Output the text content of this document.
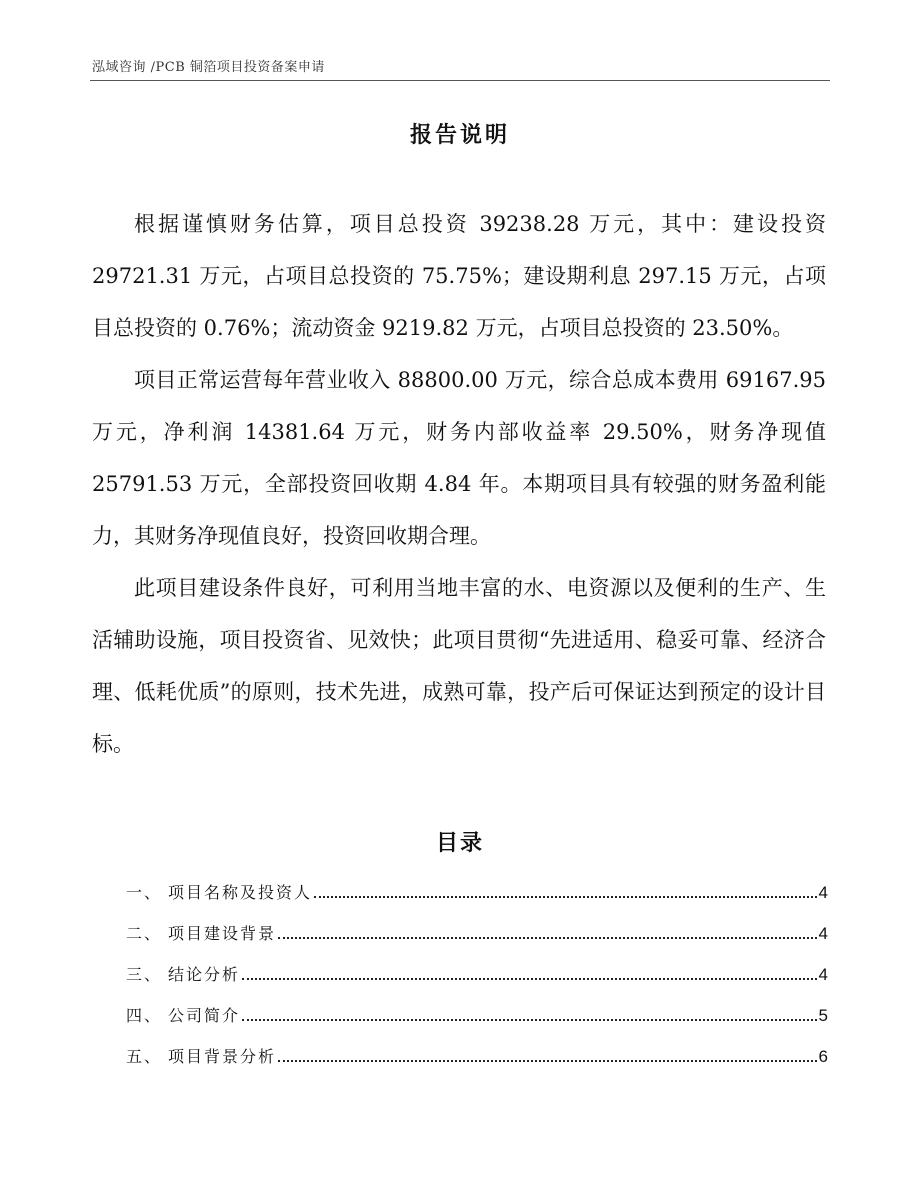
泓域咨询 /PCB 铜箔项目投资备案申请
报告说明

根据谨慎财务估算，项目总投资 39238.28 万元，其中：建设投资 29721.31 万元，占项目总投资的 75.75%；建设期利息 297.15 万元，占项目总投资的 0.76%；流动资金 9219.82 万元，占项目总投资的 23.50%。

项目正常运营每年营业收入 88800.00 万元，综合总成本费用 69167.95 万元，净利润 14381.64 万元，财务内部收益率 29.50%，财务净现值 25791.53 万元，全部投资回收期 4.84 年。本期项目具有较强的财务盈利能力，其财务净现值良好，投资回收期合理。

此项目建设条件良好，可利用当地丰富的水、电资源以及便利的生产、生活辅助设施，项目投资省、见效快；此项目贯彻“先进适用、稳妥可靠、经济合理、低耗优质”的原则，技术先进，成熟可靠，投产后可保证达到预定的设计目标。

目录
一、 项目名称及投资人	4
二、 项目建设背景	4
三、 结论分析	4
四、 公司简介	5
五、 项目背景分析	6
